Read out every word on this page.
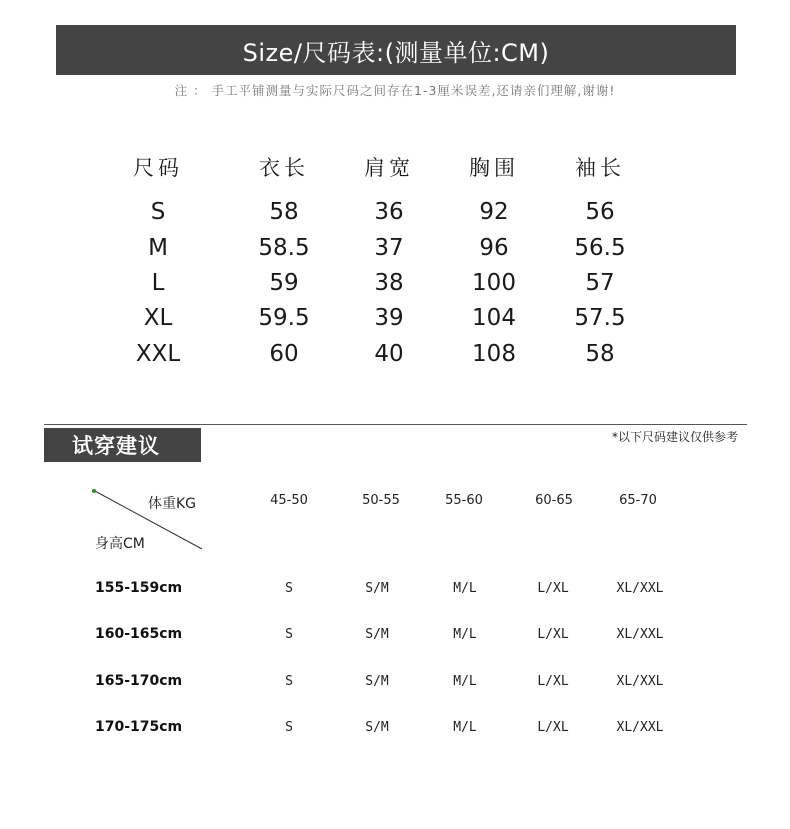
Size/尺码表:(测量单位:CM)
注 ： 手工平铺测量与实际尺码之间存在1-3厘米误差,还请亲们理解,谢谢!
尺码	衣长	肩宽	胸围	袖长
S	58	36	92	56
M	58.5	37	96	56.5
L	59	38	100	57
XL	59.5	39	104	57.5
XXL	60	40	108	58
试穿建议	*以下尺码建议仅供参考
体重KG
身高CM
45-50	50-55	55-60	60-65	65-70
155-159cm	S	S/M	M/L	L/XL	XL/XXL
160-165cm	S	S/M	M/L	L/XL	XL/XXL
165-170cm	S	S/M	M/L	L/XL	XL/XXL
170-175cm	S	S/M	M/L	L/XL	XL/XXL
